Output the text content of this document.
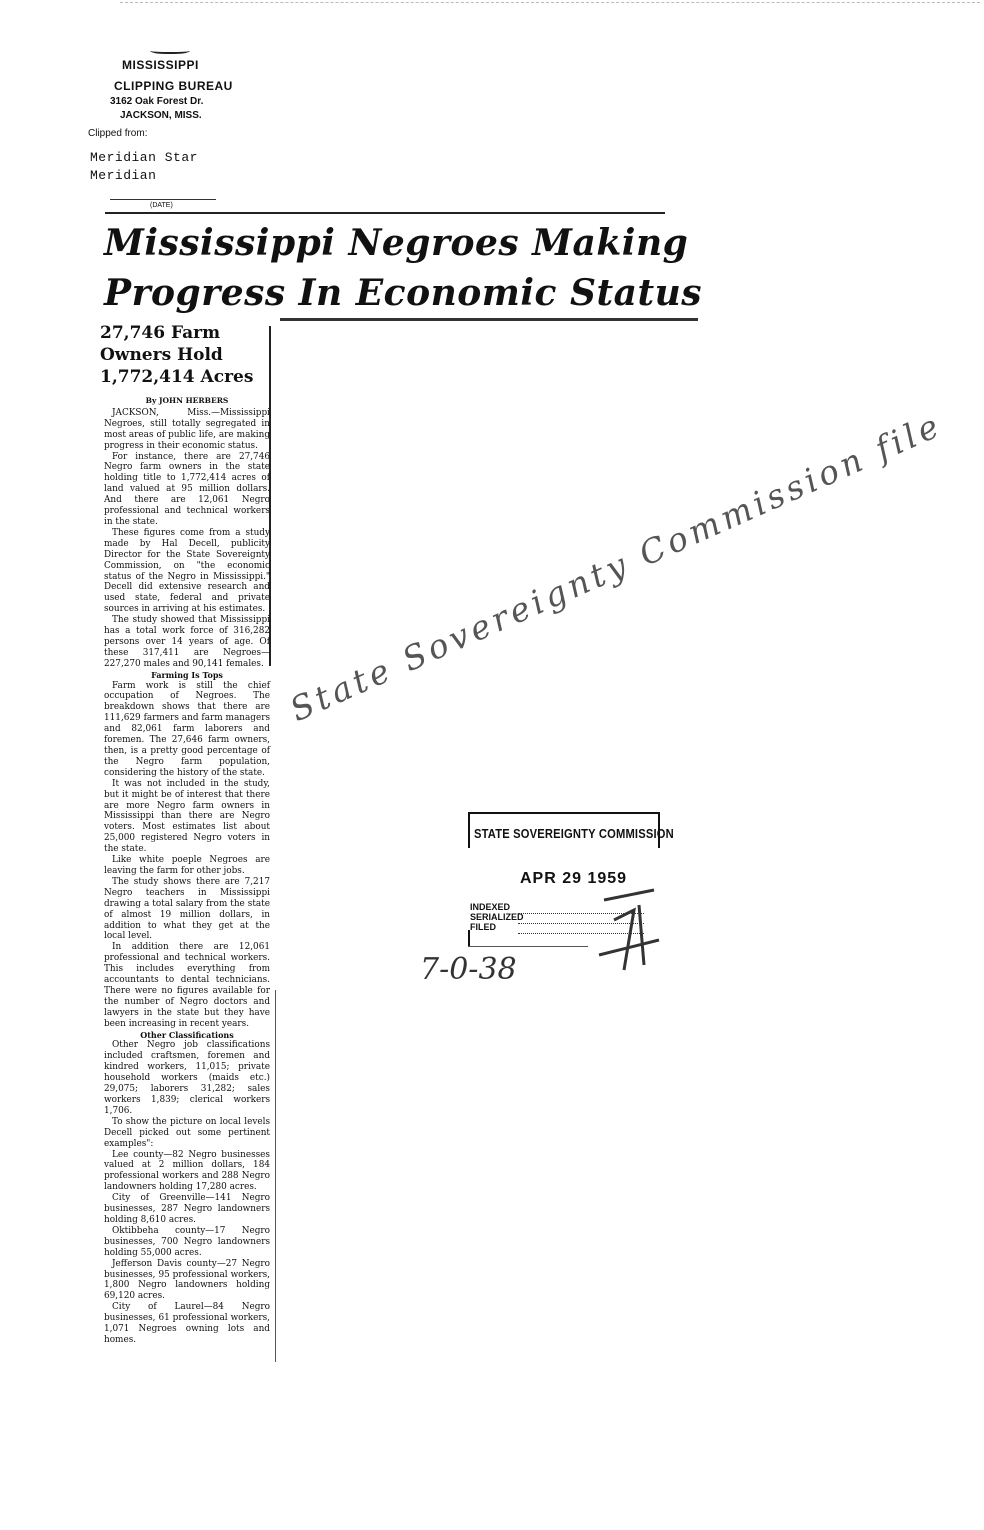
MISSISSIPPI
CLIPPING BUREAU
3162 Oak Forest Dr.
JACKSON, MISS.
Clipped from:
Meridian Star
Meridian
(DATE)
Mississippi Negroes Making
Progress In Economic Status
27,746 Farm
Owners Hold
1,772,414 Acres

By JOHN HERBERS

JACKSON, Miss.—Mississippi Negroes, still totally segregated in most areas of public life, are making progress in their economic status.

For instance, there are 27,746 Negro farm owners in the state holding title to 1,772,414 acres of land valued at 95 million dollars. And there are 12,061 Negro professional and technical workers in the state.

These figures come from a study made by Hal Decell, publicity Director for the State Sovereignty Commission, on "the economic status of the Negro in Mississippi." Decell did extensive research and used state, federal and private sources in arriving at his estimates.

The study showed that Mississippi has a total work force of 316,282 persons over 14 years of age. Of these 317,411 are Negroes—227,270 males and 90,141 females.

Farming Is Tops

Farm work is still the chief occupation of Negroes. The breakdown shows that there are 111,629 farmers and farm managers and 82,061 farm laborers and foremen. The 27,646 farm owners, then, is a pretty good percentage of the Negro farm population, considering the history of the state.

It was not included in the study, but it might be of interest that there are more Negro farm owners in Mississippi than there are Negro voters. Most estimates list about 25,000 registered Negro voters in the state.

Like white poeple Negroes are leaving the farm for other jobs.

The study shows there are 7,217 Negro teachers in Mississippi drawing a total salary from the state of almost 19 million dollars, in addition to what they get at the local level.

In addition there are 12,061 professional and technical workers. This includes everything from accountants to dental technicians. There were no figures available for the number of Negro doctors and lawyers in the state but they have been increasing in recent years.

Other Classifications

Other Negro job classifications included craftsmen, foremen and kindred workers, 11,015; private household workers (maids etc.) 29,075; laborers 31,282; sales workers 1,839; clerical workers 1,706.

To show the picture on local levels Decell picked out some pertinent examples":

Lee county—82 Negro businesses valued at 2 million dollars, 184 professional workers and 288 Negro landowners holding 17,280 acres.

City of Greenville—141 Negro businesses, 287 Negro landowners holding 8,610 acres.

Oktibbeha county—17 Negro businesses, 700 Negro landowners holding 55,000 acres.

Jefferson Davis county—27 Negro businesses, 95 professional workers, 1,800 Negro landowners holding 69,120 acres.

City of Laurel—84 Negro businesses, 61 professional workers, 1,071 Negroes owning lots and homes.

State Sovereignty Commission file
STATE SOVEREIGNTY COMMISSION
APR 29 1959
INDEXED
SERIALIZED
FILED
7-0-38
